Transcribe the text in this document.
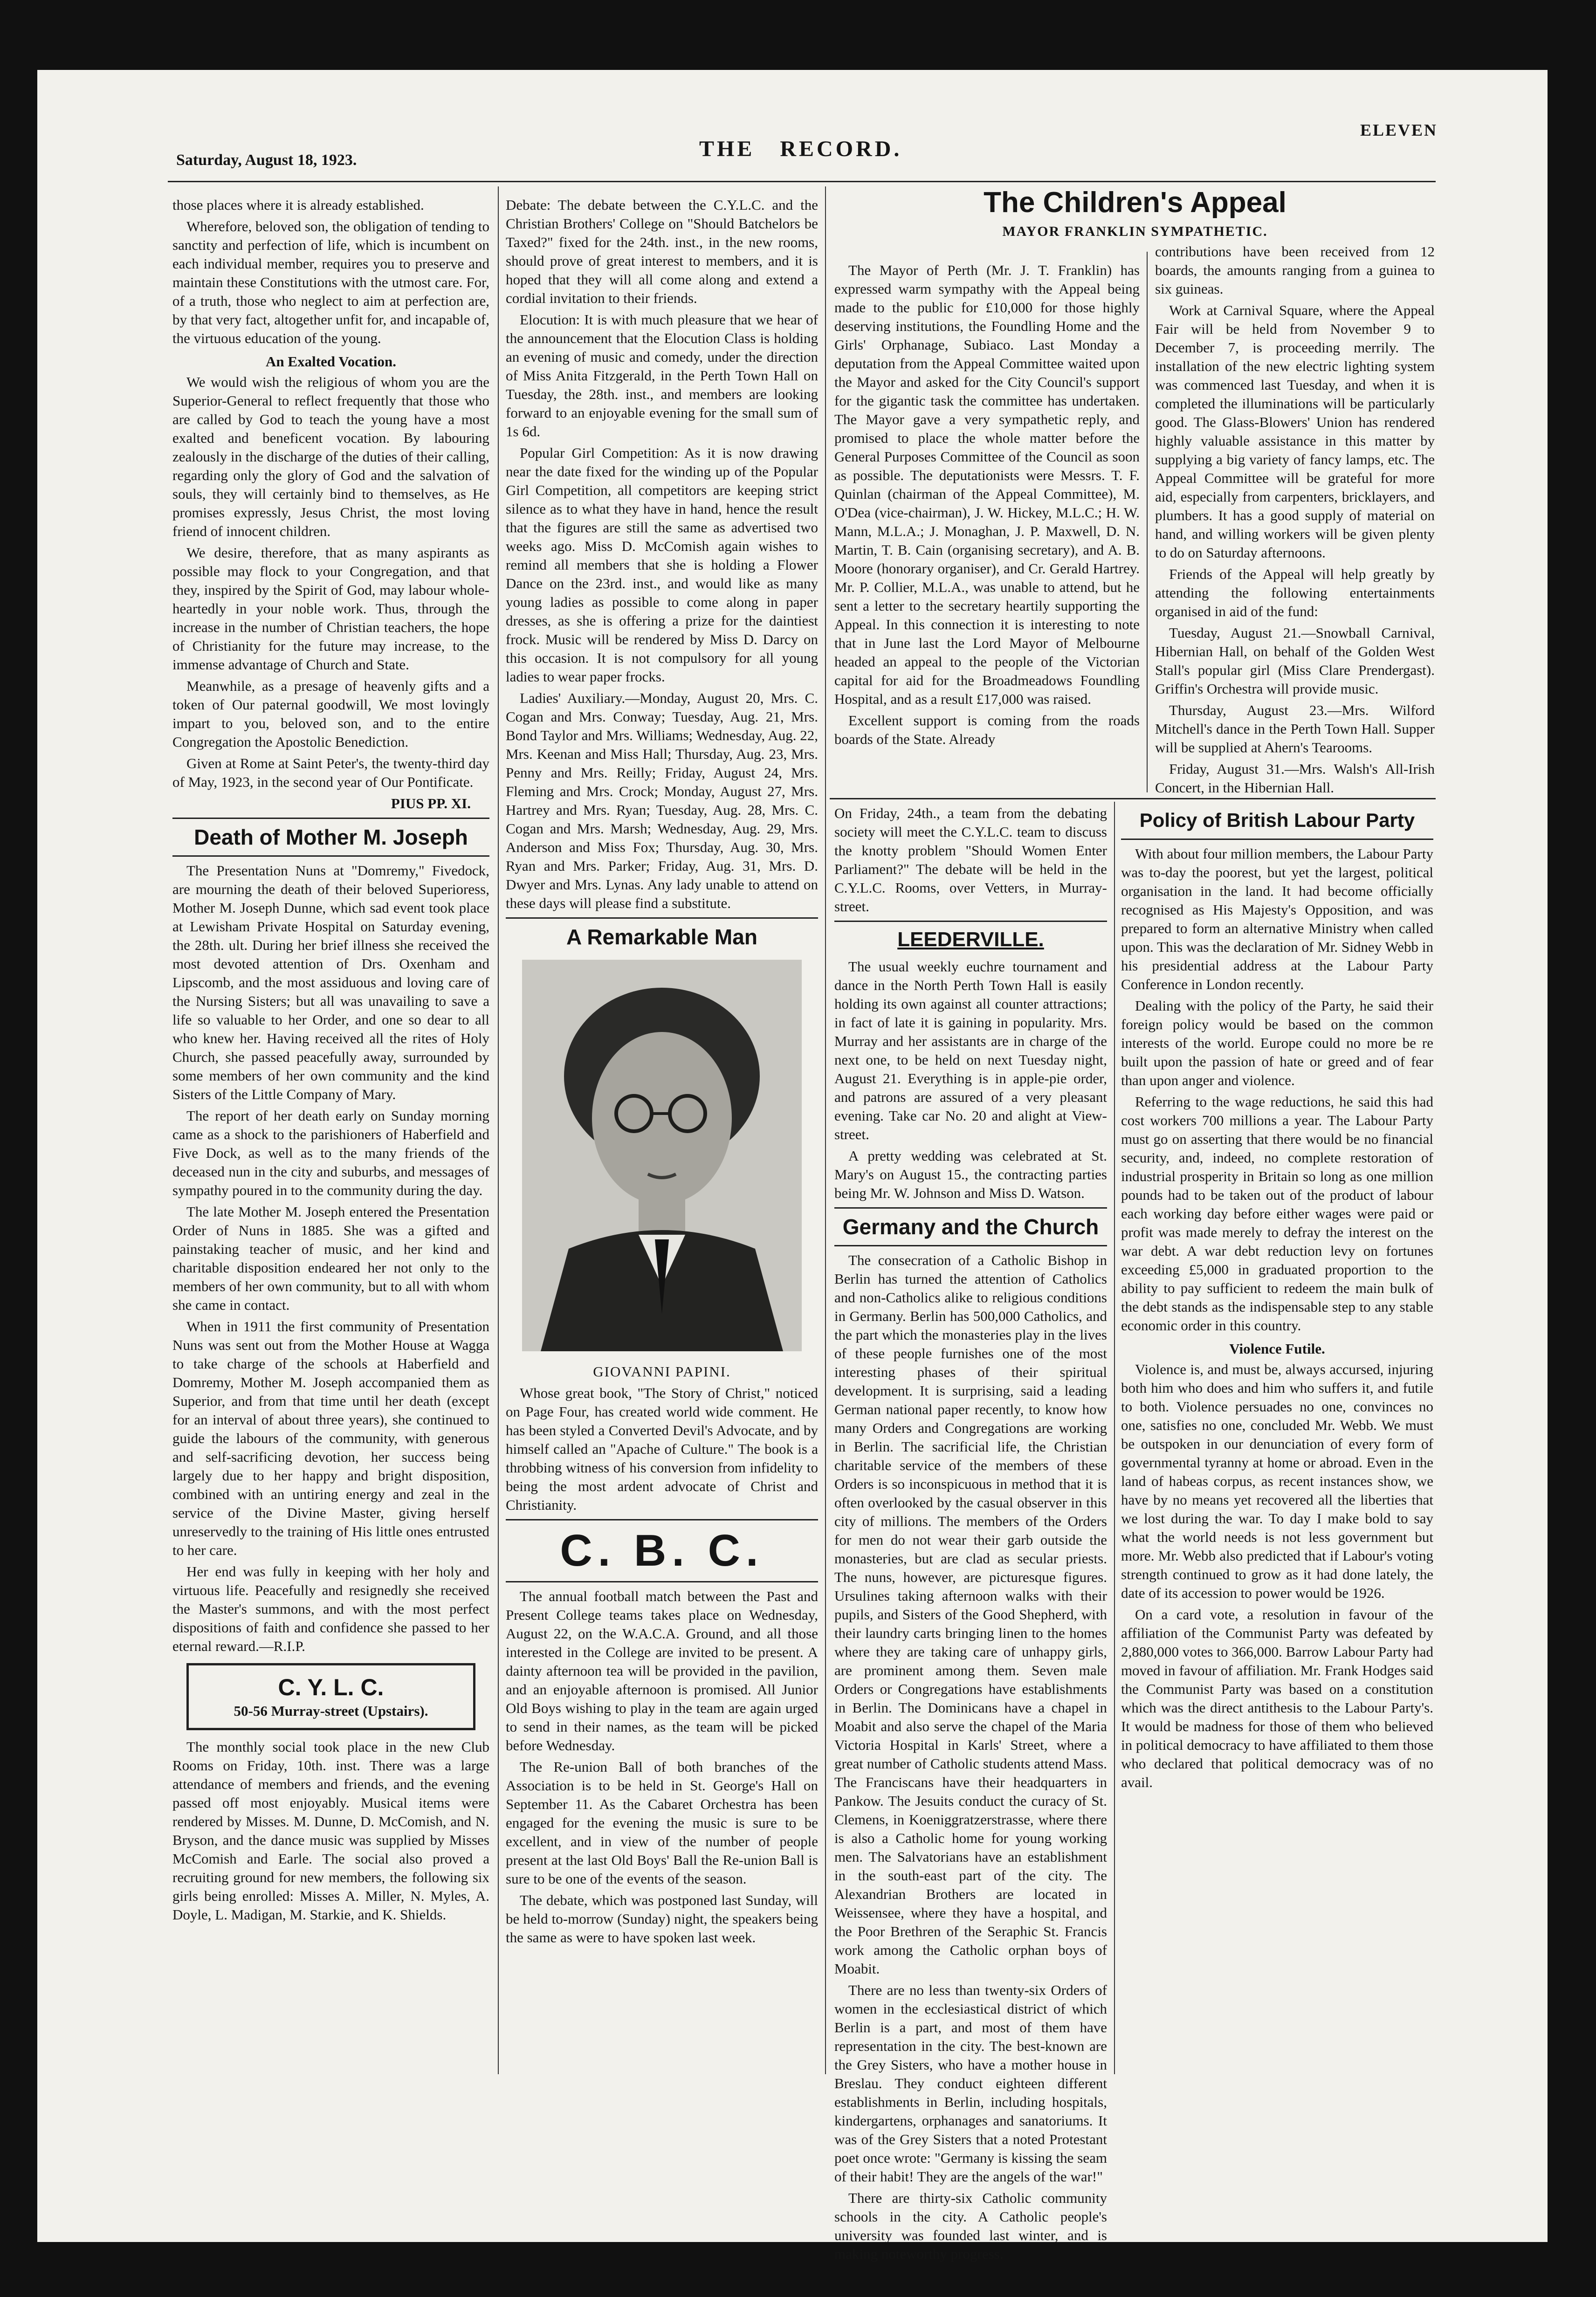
Saturday, August 18, 1923.	THE   RECORD.
ELEVEN

those places where it is already established.

Wherefore, beloved son, the obligation of tending to sanctity and perfection of life, which is incumbent on each individual member, requires you to preserve and maintain these Constitutions with the utmost care. For, of a truth, those who neglect to aim at perfection are, by that very fact, altogether unfit for, and incapable of, the virtuous education of the young.

An Exalted Vocation.

We would wish the religious of whom you are the Superior-General to reflect frequently that those who are called by God to teach the young have a most exalted and beneficent vocation. By labouring zealously in the discharge of the duties of their calling, regarding only the glory of God and the salvation of souls, they will certainly bind to themselves, as He promises expressly, Jesus Christ, the most loving friend of innocent children.

We desire, therefore, that as many aspirants as possible may flock to your Congregation, and that they, inspired by the Spirit of God, may labour whole-heartedly in your noble work. Thus, through the increase in the number of Christian teachers, the hope of Christianity for the future may increase, to the immense advantage of Church and State.

Meanwhile, as a presage of heavenly gifts and a token of Our paternal goodwill, We most lovingly impart to you, beloved son, and to the entire Congregation the Apostolic Benediction.

Given at Rome at Saint Peter's, the twenty-third day of May, 1923, in the second year of Our Pontificate.

PIUS PP. XI.
Death of Mother M. Joseph

The Presentation Nuns at "Domremy," Fivedock, are mourning the death of their beloved Superioress, Mother M. Joseph Dunne, which sad event took place at Lewisham Private Hospital on Saturday evening, the 28th. ult. During her brief illness she received the most devoted attention of Drs. Oxenham and Lipscomb, and the most assiduous and loving care of the Nursing Sisters; but all was unavailing to save a life so valuable to her Order, and one so dear to all who knew her. Having received all the rites of Holy Church, she passed peacefully away, surrounded by some members of her own community and the kind Sisters of the Little Company of Mary.

The report of her death early on Sunday morning came as a shock to the parishioners of Haberfield and Five Dock, as well as to the many friends of the deceased nun in the city and suburbs, and messages of sympathy poured in to the community during the day.

The late Mother M. Joseph entered the Presentation Order of Nuns in 1885. She was a gifted and painstaking teacher of music, and her kind and charitable disposition endeared her not only to the members of her own community, but to all with whom she came in contact.

When in 1911 the first community of Presentation Nuns was sent out from the Mother House at Wagga to take charge of the schools at Haberfield and Domremy, Mother M. Joseph accompanied them as Superior, and from that time until her death (except for an interval of about three years), she continued to guide the labours of the community, with generous and self-sacrificing devotion, her success being largely due to her happy and bright disposition, combined with an untiring energy and zeal in the service of the Divine Master, giving herself unreservedly to the training of His little ones entrusted to her care.

Her end was fully in keeping with her holy and virtuous life. Peacefully and resignedly she received the Master's summons, and with the most perfect dispositions of faith and confidence she passed to her eternal reward.—R.I.P.

C. Y. L. C.
50-56 Murray-street (Upstairs).

The monthly social took place in the new Club Rooms on Friday, 10th. inst. There was a large attendance of members and friends, and the evening passed off most enjoyably. Musical items were rendered by Misses. M. Dunne, D. McComish, and N. Bryson, and the dance music was supplied by Misses McComish and Earle. The social also proved a recruiting ground for new members, the following six girls being enrolled: Misses A. Miller, N. Myles, A. Doyle, L. Madigan, M. Starkie, and K. Shields.

Debate: The debate between the C.Y.L.C. and the Christian Brothers' College on "Should Batchelors be Taxed?" fixed for the 24th. inst., in the new rooms, should prove of great interest to members, and it is hoped that they will all come along and extend a cordial invitation to their friends.

Elocution: It is with much pleasure that we hear of the announcement that the Elocution Class is holding an evening of music and comedy, under the direction of Miss Anita Fitzgerald, in the Perth Town Hall on Tuesday, the 28th. inst., and members are looking forward to an enjoyable evening for the small sum of 1s 6d.

Popular Girl Competition: As it is now drawing near the date fixed for the winding up of the Popular Girl Competition, all competitors are keeping strict silence as to what they have in hand, hence the result that the figures are still the same as advertised two weeks ago. Miss D. McComish again wishes to remind all members that she is holding a Flower Dance on the 23rd. inst., and would like as many young ladies as possible to come along in paper dresses, as she is offering a prize for the daintiest frock. Music will be rendered by Miss D. Darcy on this occasion. It is not compulsory for all young ladies to wear paper frocks.

Ladies' Auxiliary.—Monday, August 20, Mrs. C. Cogan and Mrs. Conway; Tuesday, Aug. 21, Mrs. Bond Taylor and Mrs. Williams; Wednesday, Aug. 22, Mrs. Keenan and Miss Hall; Thursday, Aug. 23, Mrs. Penny and Mrs. Reilly; Friday, August 24, Mrs. Fleming and Mrs. Crock; Monday, August 27, Mrs. Hartrey and Mrs. Ryan; Tuesday, Aug. 28, Mrs. C. Cogan and Mrs. Marsh; Wednesday, Aug. 29, Mrs. Anderson and Miss Fox; Thursday, Aug. 30, Mrs. Ryan and Mrs. Parker; Friday, Aug. 31, Mrs. D. Dwyer and Mrs. Lynas. Any lady unable to attend on these days will please find a substitute.

A Remarkable Man
GIOVANNI PAPINI.

Whose great book, "The Story of Christ," noticed on Page Four, has created world wide comment. He has been styled a Converted Devil's Advocate, and by himself called an "Apache of Culture." The book is a throbbing witness of his conversion from infidelity to being the most ardent advocate of Christ and Christianity.

C. B. C.

The annual football match between the Past and Present College teams takes place on Wednesday, August 22, on the W.A.C.A. Ground, and all those interested in the College are invited to be present. A dainty afternoon tea will be provided in the pavilion, and an enjoyable afternoon is promised. All Junior Old Boys wishing to play in the team are again urged to send in their names, as the team will be picked before Wednesday.

The Re-union Ball of both branches of the Association is to be held in St. George's Hall on September 11. As the Cabaret Orchestra has been engaged for the evening the music is sure to be excellent, and in view of the number of people present at the last Old Boys' Ball the Re-union Ball is sure to be one of the events of the season.

The debate, which was postponed last Sunday, will be held to-morrow (Sunday) night, the speakers being the same as were to have spoken last week.

The Children's Appeal
MAYOR FRANKLIN SYMPATHETIC.

The Mayor of Perth (Mr. J. T. Franklin) has expressed warm sympathy with the Appeal being made to the public for £10,000 for those highly deserving institutions, the Foundling Home and the Girls' Orphanage, Subiaco. Last Monday a deputation from the Appeal Committee waited upon the Mayor and asked for the City Council's support for the gigantic task the committee has undertaken. The Mayor gave a very sympathetic reply, and promised to place the whole matter before the General Purposes Committee of the Council as soon as possible. The deputationists were Messrs. T. F. Quinlan (chairman of the Appeal Committee), M. O'Dea (vice-chairman), J. W. Hickey, M.L.C.; H. W. Mann, M.L.A.; J. Monaghan, J. P. Maxwell, D. N. Martin, T. B. Cain (organising secretary), and A. B. Moore (honorary organiser), and Cr. Gerald Hartrey. Mr. P. Collier, M.L.A., was unable to attend, but he sent a letter to the secretary heartily supporting the Appeal. In this connection it is interesting to note that in June last the Lord Mayor of Melbourne headed an appeal to the people of the Victorian capital for aid for the Broadmeadows Foundling Hospital, and as a result £17,000 was raised.

Excellent support is coming from the roads boards of the State. Already

contributions have been received from 12 boards, the amounts ranging from a guinea to six guineas.

Work at Carnival Square, where the Appeal Fair will be held from November 9 to December 7, is proceeding merrily. The installation of the new electric lighting system was commenced last Tuesday, and when it is completed the illuminations will be particularly good. The Glass-Blowers' Union has rendered highly valuable assistance in this matter by supplying a big variety of fancy lamps, etc. The Appeal Committee will be grateful for more aid, especially from carpenters, bricklayers, and plumbers. It has a good supply of material on hand, and willing workers will be given plenty to do on Saturday afternoons.

Friends of the Appeal will help greatly by attending the following entertainments organised in aid of the fund:

Tuesday, August 21.—Snowball Carnival, Hibernian Hall, on behalf of the Golden West Stall's popular girl (Miss Clare Prendergast). Griffin's Orchestra will provide music.

Thursday, August 23.—Mrs. Wilford Mitchell's dance in the Perth Town Hall. Supper will be supplied at Ahern's Tearooms.

Friday, August 31.—Mrs. Walsh's All-Irish Concert, in the Hibernian Hall.

On Friday, 24th., a team from the debating society will meet the C.Y.L.C. team to discuss the knotty problem "Should Women Enter Parliament?" The debate will be held in the C.Y.L.C. Rooms, over Vetters, in Murray-street.

LEEDERVILLE.

The usual weekly euchre tournament and dance in the North Perth Town Hall is easily holding its own against all counter attractions; in fact of late it is gaining in popularity. Mrs. Murray and her assistants are in charge of the next one, to be held on next Tuesday night, August 21. Everything is in apple-pie order, and patrons are assured of a very pleasant evening. Take car No. 20 and alight at View-street.

A pretty wedding was celebrated at St. Mary's on August 15., the contracting parties being Mr. W. Johnson and Miss D. Watson.

Germany and the Church

The consecration of a Catholic Bishop in Berlin has turned the attention of Catholics and non-Catholics alike to religious conditions in Germany. Berlin has 500,000 Catholics, and the part which the monasteries play in the lives of these people furnishes one of the most interesting phases of their spiritual development. It is surprising, said a leading German national paper recently, to know how many Orders and Congregations are working in Berlin. The sacrificial life, the Christian charitable service of the members of these Orders is so inconspicuous in method that it is often overlooked by the casual observer in this city of millions. The members of the Orders for men do not wear their garb outside the monasteries, but are clad as secular priests. The nuns, however, are picturesque figures. Ursulines taking afternoon walks with their pupils, and Sisters of the Good Shepherd, with their laundry carts bringing linen to the homes where they are taking care of unhappy girls, are prominent among them. Seven male Orders or Congregations have establishments in Berlin. The Dominicans have a chapel in Moabit and also serve the chapel of the Maria Victoria Hospital in Karls' Street, where a great number of Catholic students attend Mass. The Franciscans have their headquarters in Pankow. The Jesuits conduct the curacy of St. Clemens, in Koeniggratzerstrasse, where there is also a Catholic home for young working men. The Salvatorians have an establishment in the south-east part of the city. The Alexandrian Brothers are located in Weissensee, where they have a hospital, and the Poor Brethren of the Seraphic St. Francis work among the Catholic orphan boys of Moabit.

There are no less than twenty-six Orders of women in the ecclesiastical district of which Berlin is a part, and most of them have representation in the city. The best-known are the Grey Sisters, who have a mother house in Breslau. They conduct eighteen different establishments in Berlin, including hospitals, kindergartens, orphanages and sanatoriums. It was of the Grey Sisters that a noted Protestant poet once wrote: "Germany is kissing the seam of their habit! They are the angels of the war!"

There are thirty-six Catholic community schools in the city. A Catholic people's university was founded last winter, and is making noteworthy progress.

Policy of British Labour Party

With about four million members, the Labour Party was to-day the poorest, but yet the largest, political organisation in the land. It had become officially recognised as His Majesty's Opposition, and was prepared to form an alternative Ministry when called upon. This was the declaration of Mr. Sidney Webb in his presidential address at the Labour Party Conference in London recently.

Dealing with the policy of the Party, he said their foreign policy would be based on the common interests of the world. Europe could no more be re built upon the passion of hate or greed and of fear than upon anger and violence.

Referring to the wage reductions, he said this had cost workers 700 millions a year. The Labour Party must go on asserting that there would be no financial security, and, indeed, no complete restoration of industrial prosperity in Britain so long as one million pounds had to be taken out of the product of labour each working day before either wages were paid or profit was made merely to defray the interest on the war debt. A war debt reduction levy on fortunes exceeding £5,000 in graduated proportion to the ability to pay sufficient to redeem the main bulk of the debt stands as the indispensable step to any stable economic order in this country.

Violence Futile.

Violence is, and must be, always accursed, injuring both him who does and him who suffers it, and futile to both. Violence persuades no one, convinces no one, satisfies no one, concluded Mr. Webb. We must be outspoken in our denunciation of every form of governmental tyranny at home or abroad. Even in the land of habeas corpus, as recent instances show, we have by no means yet recovered all the liberties that we lost during the war. To day I make bold to say what the world needs is not less government but more. Mr. Webb also predicted that if Labour's voting strength continued to grow as it had done lately, the date of its accession to power would be 1926.

On a card vote, a resolution in favour of the affiliation of the Communist Party was defeated by 2,880,000 votes to 366,000. Barrow Labour Party had moved in favour of affiliation. Mr. Frank Hodges said the Communist Party was based on a constitution which was the direct antithesis to the Labour Party's. It would be madness for those of them who believed in political democracy to have affiliated to them those who declared that political democracy was of no avail.
